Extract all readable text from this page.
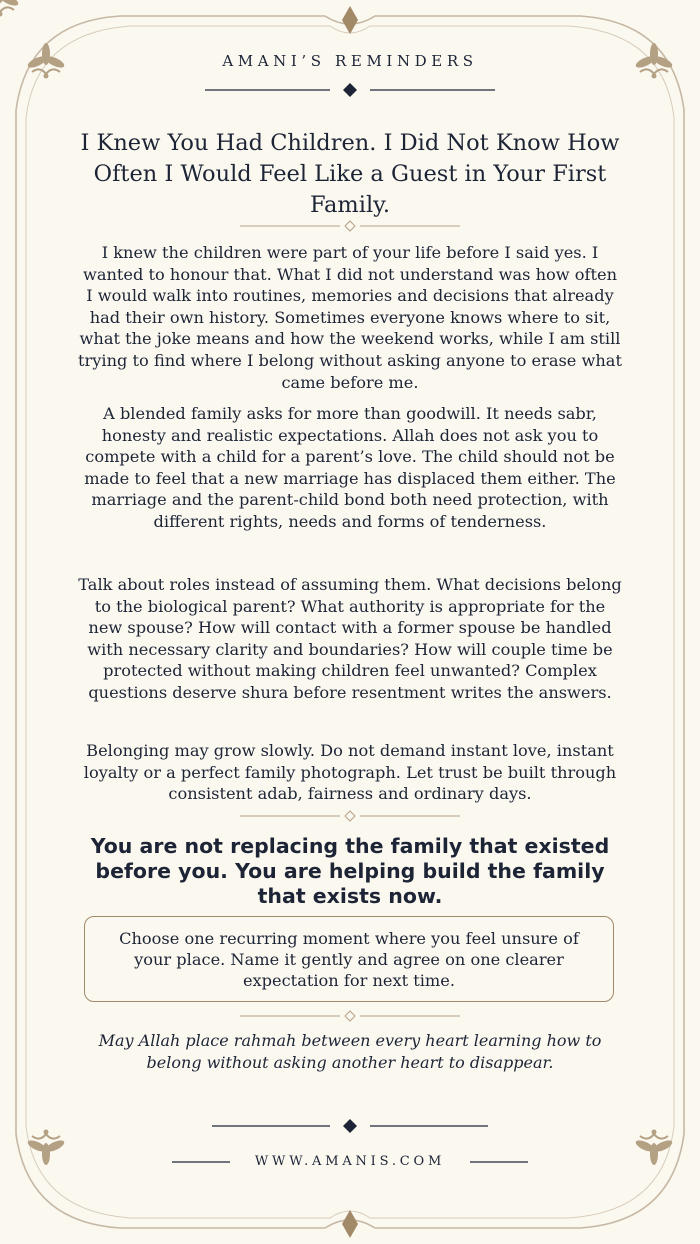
AMANI’S REMINDERS
I Knew You Had Children. I Did Not Know How Often I Would Feel Like a Guest in Your First Family.
I knew the children were part of your life before I said yes. I wanted to honour that. What I did not understand was how often I would walk into routines, memories and decisions that already had their own history. Sometimes everyone knows where to sit, what the joke means and how the weekend works, while I am still trying to find where I belong without asking anyone to erase what came before me.
A blended family asks for more than goodwill. It needs sabr, honesty and realistic expectations. Allah does not ask you to compete with a child for a parent’s love. The child should not be made to feel that a new marriage has displaced them either. The marriage and the parent-child bond both need protection, with different rights, needs and forms of tenderness.
Talk about roles instead of assuming them. What decisions belong to the biological parent? What authority is appropriate for the new spouse? How will contact with a former spouse be handled with necessary clarity and boundaries? How will couple time be protected without making children feel unwanted? Complex questions deserve shura before resentment writes the answers.
Belonging may grow slowly. Do not demand instant love, instant loyalty or a perfect family photograph. Let trust be built through consistent adab, fairness and ordinary days.
You are not replacing the family that existed before you. You are helping build the family that exists now.
Choose one recurring moment where you feel unsure of your place. Name it gently and agree on one clearer expectation for next time.
May Allah place rahmah between every heart learning how to belong without asking another heart to disappear.
WWW.AMANIS.COM
